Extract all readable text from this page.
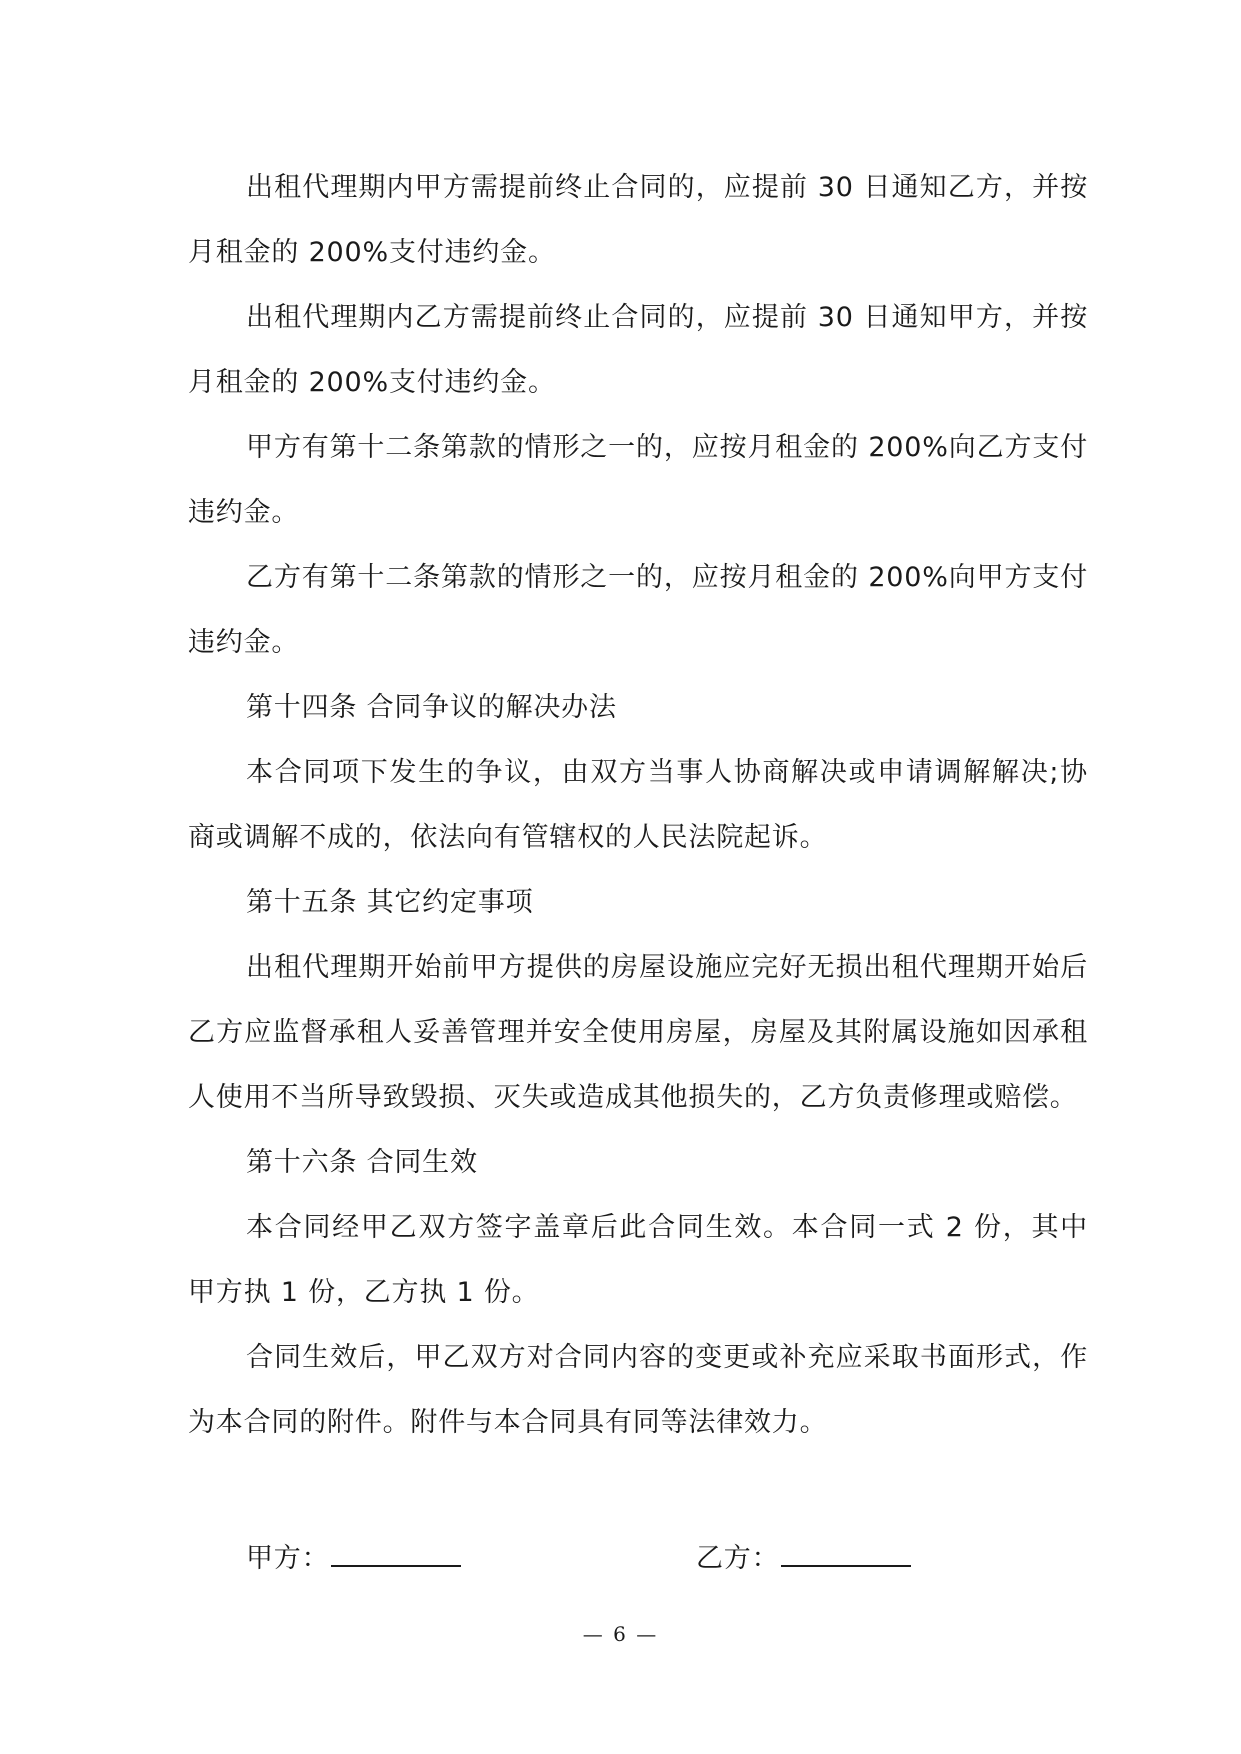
出租代理期内甲方需提前终止合同的，应提前 30 日通知乙方，并按月租金的 200%支付违约金。

出租代理期内乙方需提前终止合同的，应提前 30 日通知甲方，并按月租金的 200%支付违约金。

甲方有第十二条第款的情形之一的，应按月租金的 200%向乙方支付违约金。

乙方有第十二条第款的情形之一的，应按月租金的 200%向甲方支付违约金。

第十四条 合同争议的解决办法

本合同项下发生的争议，由双方当事人协商解决或申请调解解决;协商或调解不成的，依法向有管辖权的人民法院起诉。

第十五条 其它约定事项

出租代理期开始前甲方提供的房屋设施应完好无损出租代理期开始后乙方应监督承租人妥善管理并安全使用房屋，房屋及其附属设施如因承租人使用不当所导致毁损、灭失或造成其他损失的，乙方负责修理或赔偿。

第十六条 合同生效

本合同经甲乙双方签字盖章后此合同生效。本合同一式 2 份，其中甲方执 1 份，乙方执 1 份。

合同生效后，甲乙双方对合同内容的变更或补充应采取书面形式，作为本合同的附件。附件与本合同具有同等法律效力。

甲方：	乙方：
— 6 —
